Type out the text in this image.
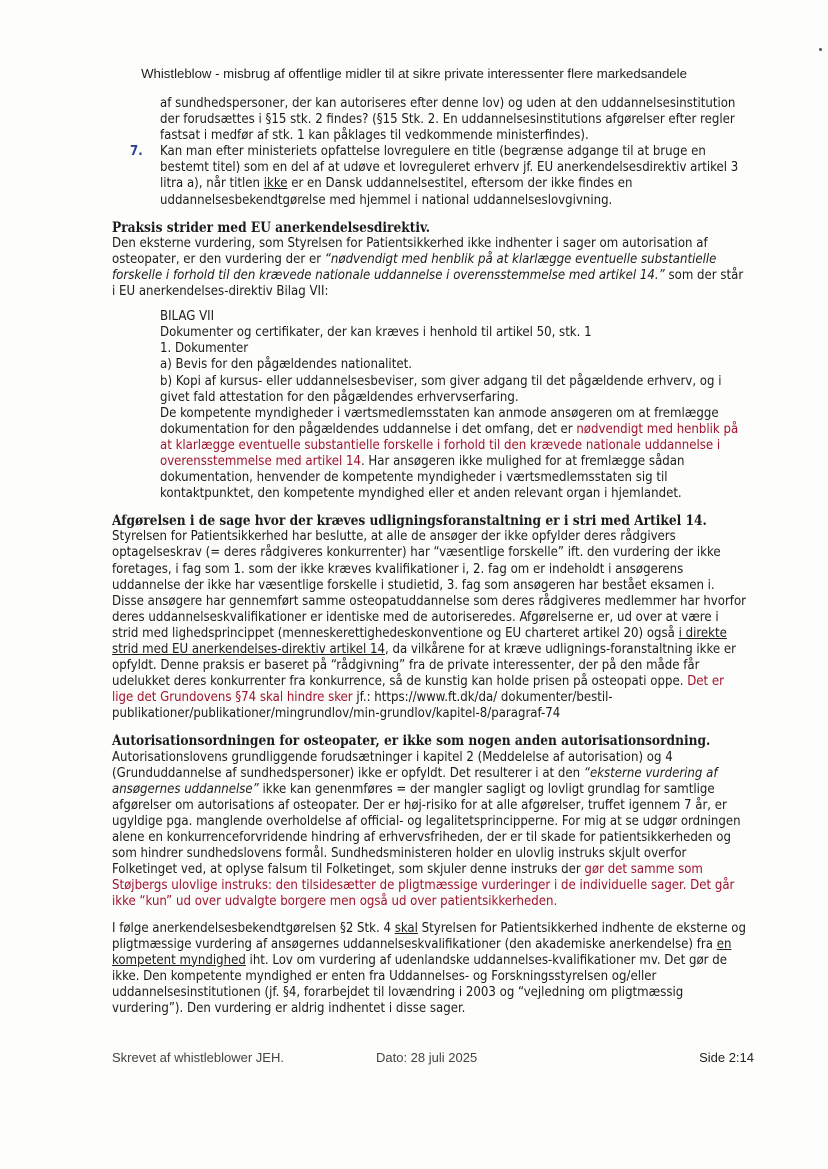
Whistleblow - misbrug af offentlige midler til at sikre private interessenter flere markedsandele

af sundhedspersoner, der kan autoriseres efter denne lov) og uden at den uddannelsesinstitution der forudsættes i §15 stk. 2 findes? (§15 Stk. 2. En uddannelsesinstitutions afgørelser efter regler fastsat i medfør af stk. 1 kan påklages til vedkommende ministerfindes).

7. Kan man efter ministeriets opfattelse lovregulere en title (begrænse adgange til at bruge en bestemt titel) som en del af at udøve et lovreguleret erhverv jf. EU anerkendelsesdirektiv artikel 3 litra a), når titlen ikke er en Dansk uddannelsestitel, eftersom der ikke findes en uddannelsesbekendtgørelse med hjemmel i national uddannelseslovgivning.

Praksis strider med EU anerkendelsesdirektiv.

Den eksterne vurdering, som Styrelsen for Patientsikkerhed ikke indhenter i sager om autorisation af osteopater, er den vurdering der er “nødvendigt med henblik på at klarlægge eventuelle substantielle forskelle i forhold til den krævede nationale uddannelse i overensstemmelse med artikel 14.” som der står i EU anerkendelses-direktiv Bilag VII:

BILAG VII

Dokumenter og certifikater, der kan kræves i henhold til artikel 50, stk. 1

1. Dokumenter

a) Bevis for den pågældendes nationalitet.

b) Kopi af kursus- eller uddannelsesbeviser, som giver adgang til det pågældende erhverv, og i givet fald attestation for den pågældendes erhvervserfaring.

De kompetente myndigheder i værtsmedlemsstaten kan anmode ansøgeren om at fremlægge dokumentation for den pågældendes uddannelse i det omfang, det er nødvendigt med henblik på at klarlægge eventuelle substantielle forskelle i forhold til den krævede nationale uddannelse i overensstemmelse med artikel 14. Har ansøgeren ikke mulighed for at fremlægge sådan dokumentation, henvender de kompetente myndigheder i værtsmedlemsstaten sig til kontaktpunktet, den kompetente myndighed eller et anden relevant organ i hjemlandet.

Afgørelsen i de sage hvor der kræves udligningsforanstaltning er i stri med Artikel 14.

Styrelsen for Patientsikkerhed har beslutte, at alle de ansøger der ikke opfylder deres rådgivers optagelseskrav (= deres rådgiveres konkurrenter) har “væsentlige forskelle” ift. den vurdering der ikke foretages, i fag som 1. som der ikke kræves kvalifikationer i, 2. fag om er indeholdt i ansøgerens uddannelse der ikke har væsentlige forskelle i studietid, 3. fag som ansøgeren har bestået eksamen i. Disse ansøgere har gennemført samme osteopatuddannelse som deres rådgiveres medlemmer har hvorfor deres uddannelseskvalifikationer er identiske med de autoriseredes. Afgørelserne er, ud over at være i strid med lighedsprincippet (menneskerettighedeskonventione og EU charteret artikel 20) også i direkte strid med EU anerkendelses-direktiv artikel 14, da vilkårene for at kræve udlignings-foranstaltning ikke er opfyldt. Denne praksis er baseret på “rådgivning” fra de private interessenter, der på den måde får udelukket deres konkurrenter fra konkurrence, så de kunstig kan holde prisen på osteopati oppe. Det er lige det Grundovens §74 skal hindre sker jf.: https://www.ft.dk/da/ dokumenter/bestil-publikationer/publikationer/mingrundlov/min-grundlov/kapitel-8/paragraf-74

Autorisationsordningen for osteopater, er ikke som nogen anden autorisationsordning.

Autorisationslovens grundliggende forudsætninger i kapitel 2 (Meddelelse af autorisation) og 4 (Grunduddannelse af sundhedspersoner) ikke er opfyldt. Det resulterer i at den “eksterne vurdering af ansøgernes uddannelse” ikke kan genenmføres = der mangler sagligt og lovligt grundlag for samtlige afgørelser om autorisations af osteopater. Der er høj-risiko for at alle afgørelser, truffet igennem 7 år, er ugyldige pga. manglende overholdelse af official- og legalitetsprincipperne. For mig at se udgør ordningen alene en konkurrenceforvridende hindring af erhvervsfriheden, der er til skade for patientsikkerheden og som hindrer sundhedslovens formål. Sundhedsministeren holder en ulovlig instruks skjult overfor Folketinget ved, at oplyse falsum til Folketinget, som skjuler denne instruks der gør det samme som Støjbergs ulovlige instruks: den tilsidesætter de pligtmæssige vurderinger i de individuelle sager. Det går ikke “kun” ud over udvalgte borgere men også ud over patientsikkerheden.

I følge anerkendelsesbekendtgørelsen §2 Stk. 4 skal Styrelsen for Patientsikkerhed indhente de eksterne og pligtmæssige vurdering af ansøgernes uddannelseskvalifikationer (den akademiske anerkendelse) fra en kompetent myndighed iht. Lov om vurdering af udenlandske uddannelses-kvalifikationer mv. Det gør de ikke. Den kompetente myndighed er enten fra Uddannelses- og Forskningsstyrelsen og/eller uddannelsesinstitutionen (jf. §4, forarbejdet til lovændring i 2003 og “vejledning om pligtmæssig vurdering”). Den vurdering er aldrig indhentet i disse sager.

Skrevet af whistleblower JEH.	Dato: 28 juli 2025	Side 2:14
